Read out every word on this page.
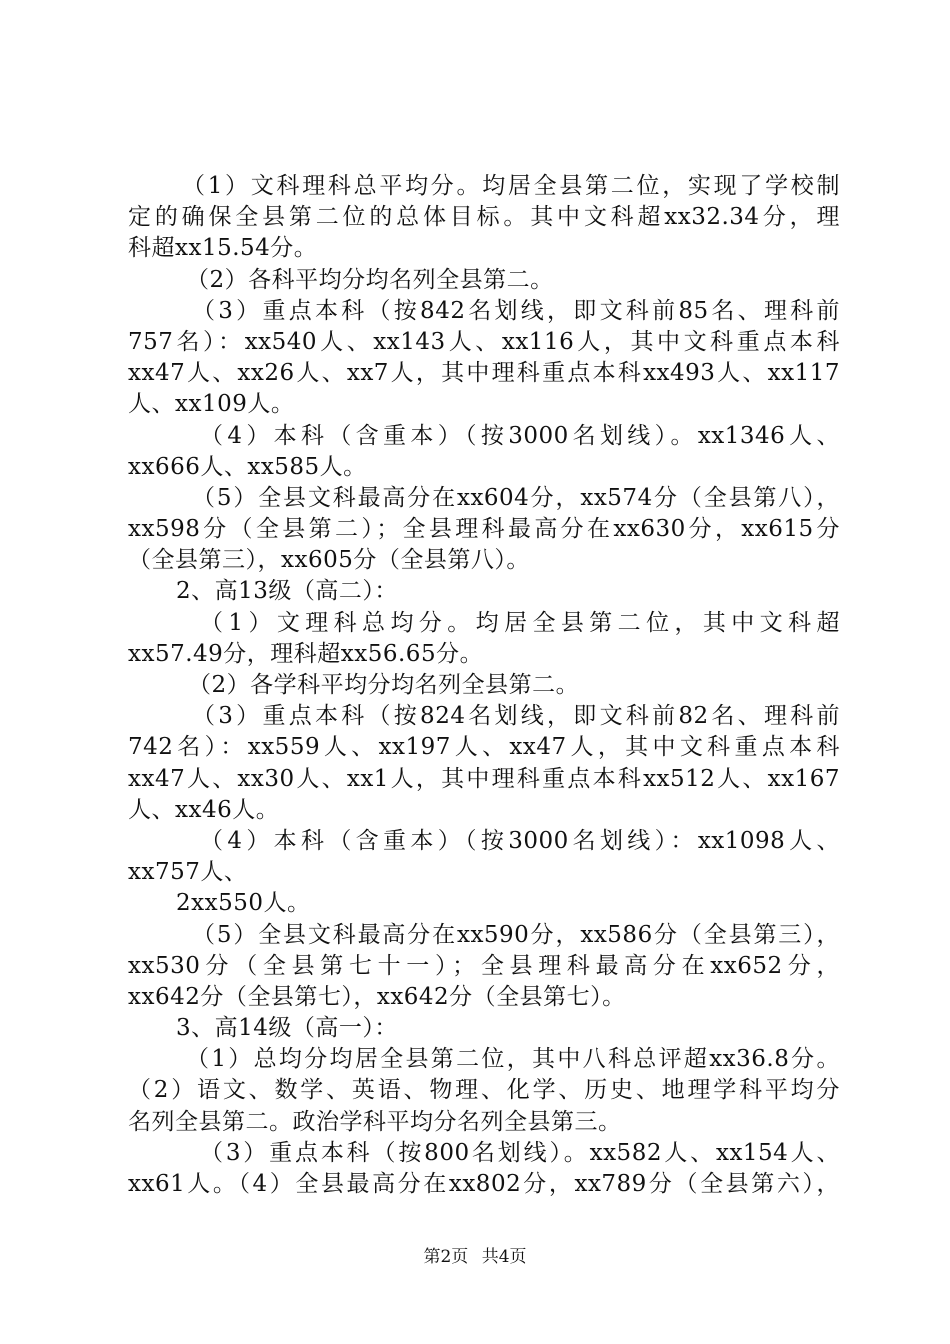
（1）文科理科总平均分。均居全县第二位，实现了学校制
定的确保全县第二位的总体目标。其中文科超xx32.34分，理
科超xx15.54分。
（2）各科平均分均名列全县第二。
（3）重点本科（按842名划线，即文科前85名、理科前
757名）：xx540人、xx143人、xx116人，其中文科重点本科
xx47人、xx26人、xx7人，其中理科重点本科xx493人、xx117
人、xx109人。
（4）本科（含重本）（按3000名划线）。xx1346人、
xx666人、xx585人。
（5）全县文科最高分在xx604分，xx574分（全县第八），
xx598分（全县第二）；全县理科最高分在xx630分，xx615分
（全县第三），xx605分（全县第八）。
2、高13级（高二）：
（1）文理科总均分。均居全县第二位，其中文科超
xx57.49分，理科超xx56.65分。
（2）各学科平均分均名列全县第二。
（3）重点本科（按824名划线，即文科前82名、理科前
742名）：xx559人、xx197人、xx47人，其中文科重点本科
xx47人、xx30人、xx1人，其中理科重点本科xx512人、xx167
人、xx46人。
（4）本科（含重本）（按3000名划线）：xx1098人、
xx757人、
2xx550人。
（5）全县文科最高分在xx590分，xx586分（全县第三），
xx530分（全县第七十一）；全县理科最高分在xx652分，
xx642分（全县第七），xx642分（全县第七）。
3、高14级（高一）：
（1）总均分均居全县第二位，其中八科总评超xx36.8分。
（2）语文、数学、英语、物理、化学、历史、地理学科平均分
名列全县第二。政治学科平均分名列全县第三。
（3）重点本科（按800名划线）。xx582人、xx154人、
xx61人。（4）全县最高分在xx802分，xx789分（全县第六），
第2页 共4页
